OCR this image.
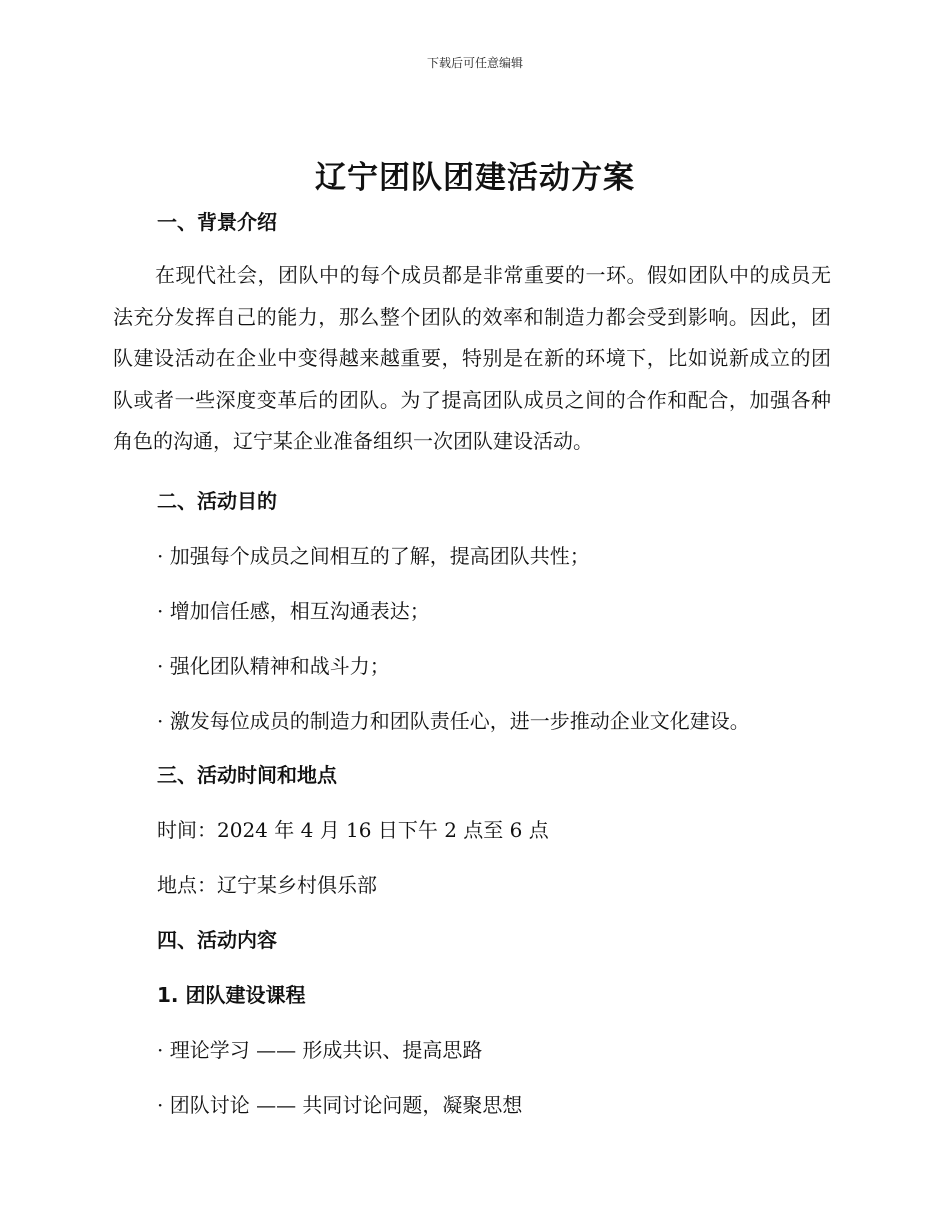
下载后可任意编辑
辽宁团队团建活动方案
一、背景介绍
在现代社会，团队中的每个成员都是非常重要的一环。假如团队中的成员无法充分发挥自己的能力，那么整个团队的效率和制造力都会受到影响。因此，团队建设活动在企业中变得越来越重要，特别是在新的环境下，比如说新成立的团队或者一些深度变革后的团队。为了提高团队成员之间的合作和配合，加强各种角色的沟通，辽宁某企业准备组织一次团队建设活动。
二、活动目的
· 加强每个成员之间相互的了解，提高团队共性；
· 增加信任感，相互沟通表达；
· 强化团队精神和战斗力；
· 激发每位成员的制造力和团队责任心，进一步推动企业文化建设。
三、活动时间和地点
时间：2024 年 4 月 16 日下午 2 点至 6 点
地点：辽宁某乡村俱乐部
四、活动内容
1. 团队建设课程
· 理论学习 —— 形成共识、提高思路
· 团队讨论 —— 共同讨论问题，凝聚思想
